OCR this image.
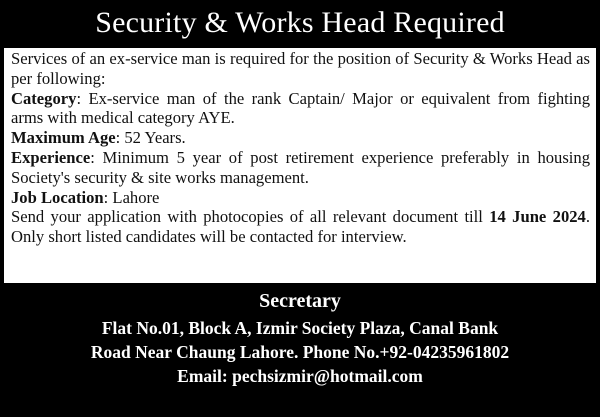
Security & Works Head Required

Services of an ex-service man is required for the position of Security & Works Head as per following:

Category: Ex-service man of the rank Captain/ Major or equivalent from fighting arms with medical category AYE.

Maximum Age: 52 Years.

Experience: Minimum 5 year of post retirement experience preferably in housing Society's security & site works management.

Job Location: Lahore

Send your application with photocopies of all relevant document till 14 June 2024. Only short listed candidates will be contacted for interview.

Secretary
Flat No.01, Block A, Izmir Society Plaza, Canal Bank
Road Near Chaung Lahore. Phone No.+92-04235961802
Email: pechsizmir@hotmail.com
